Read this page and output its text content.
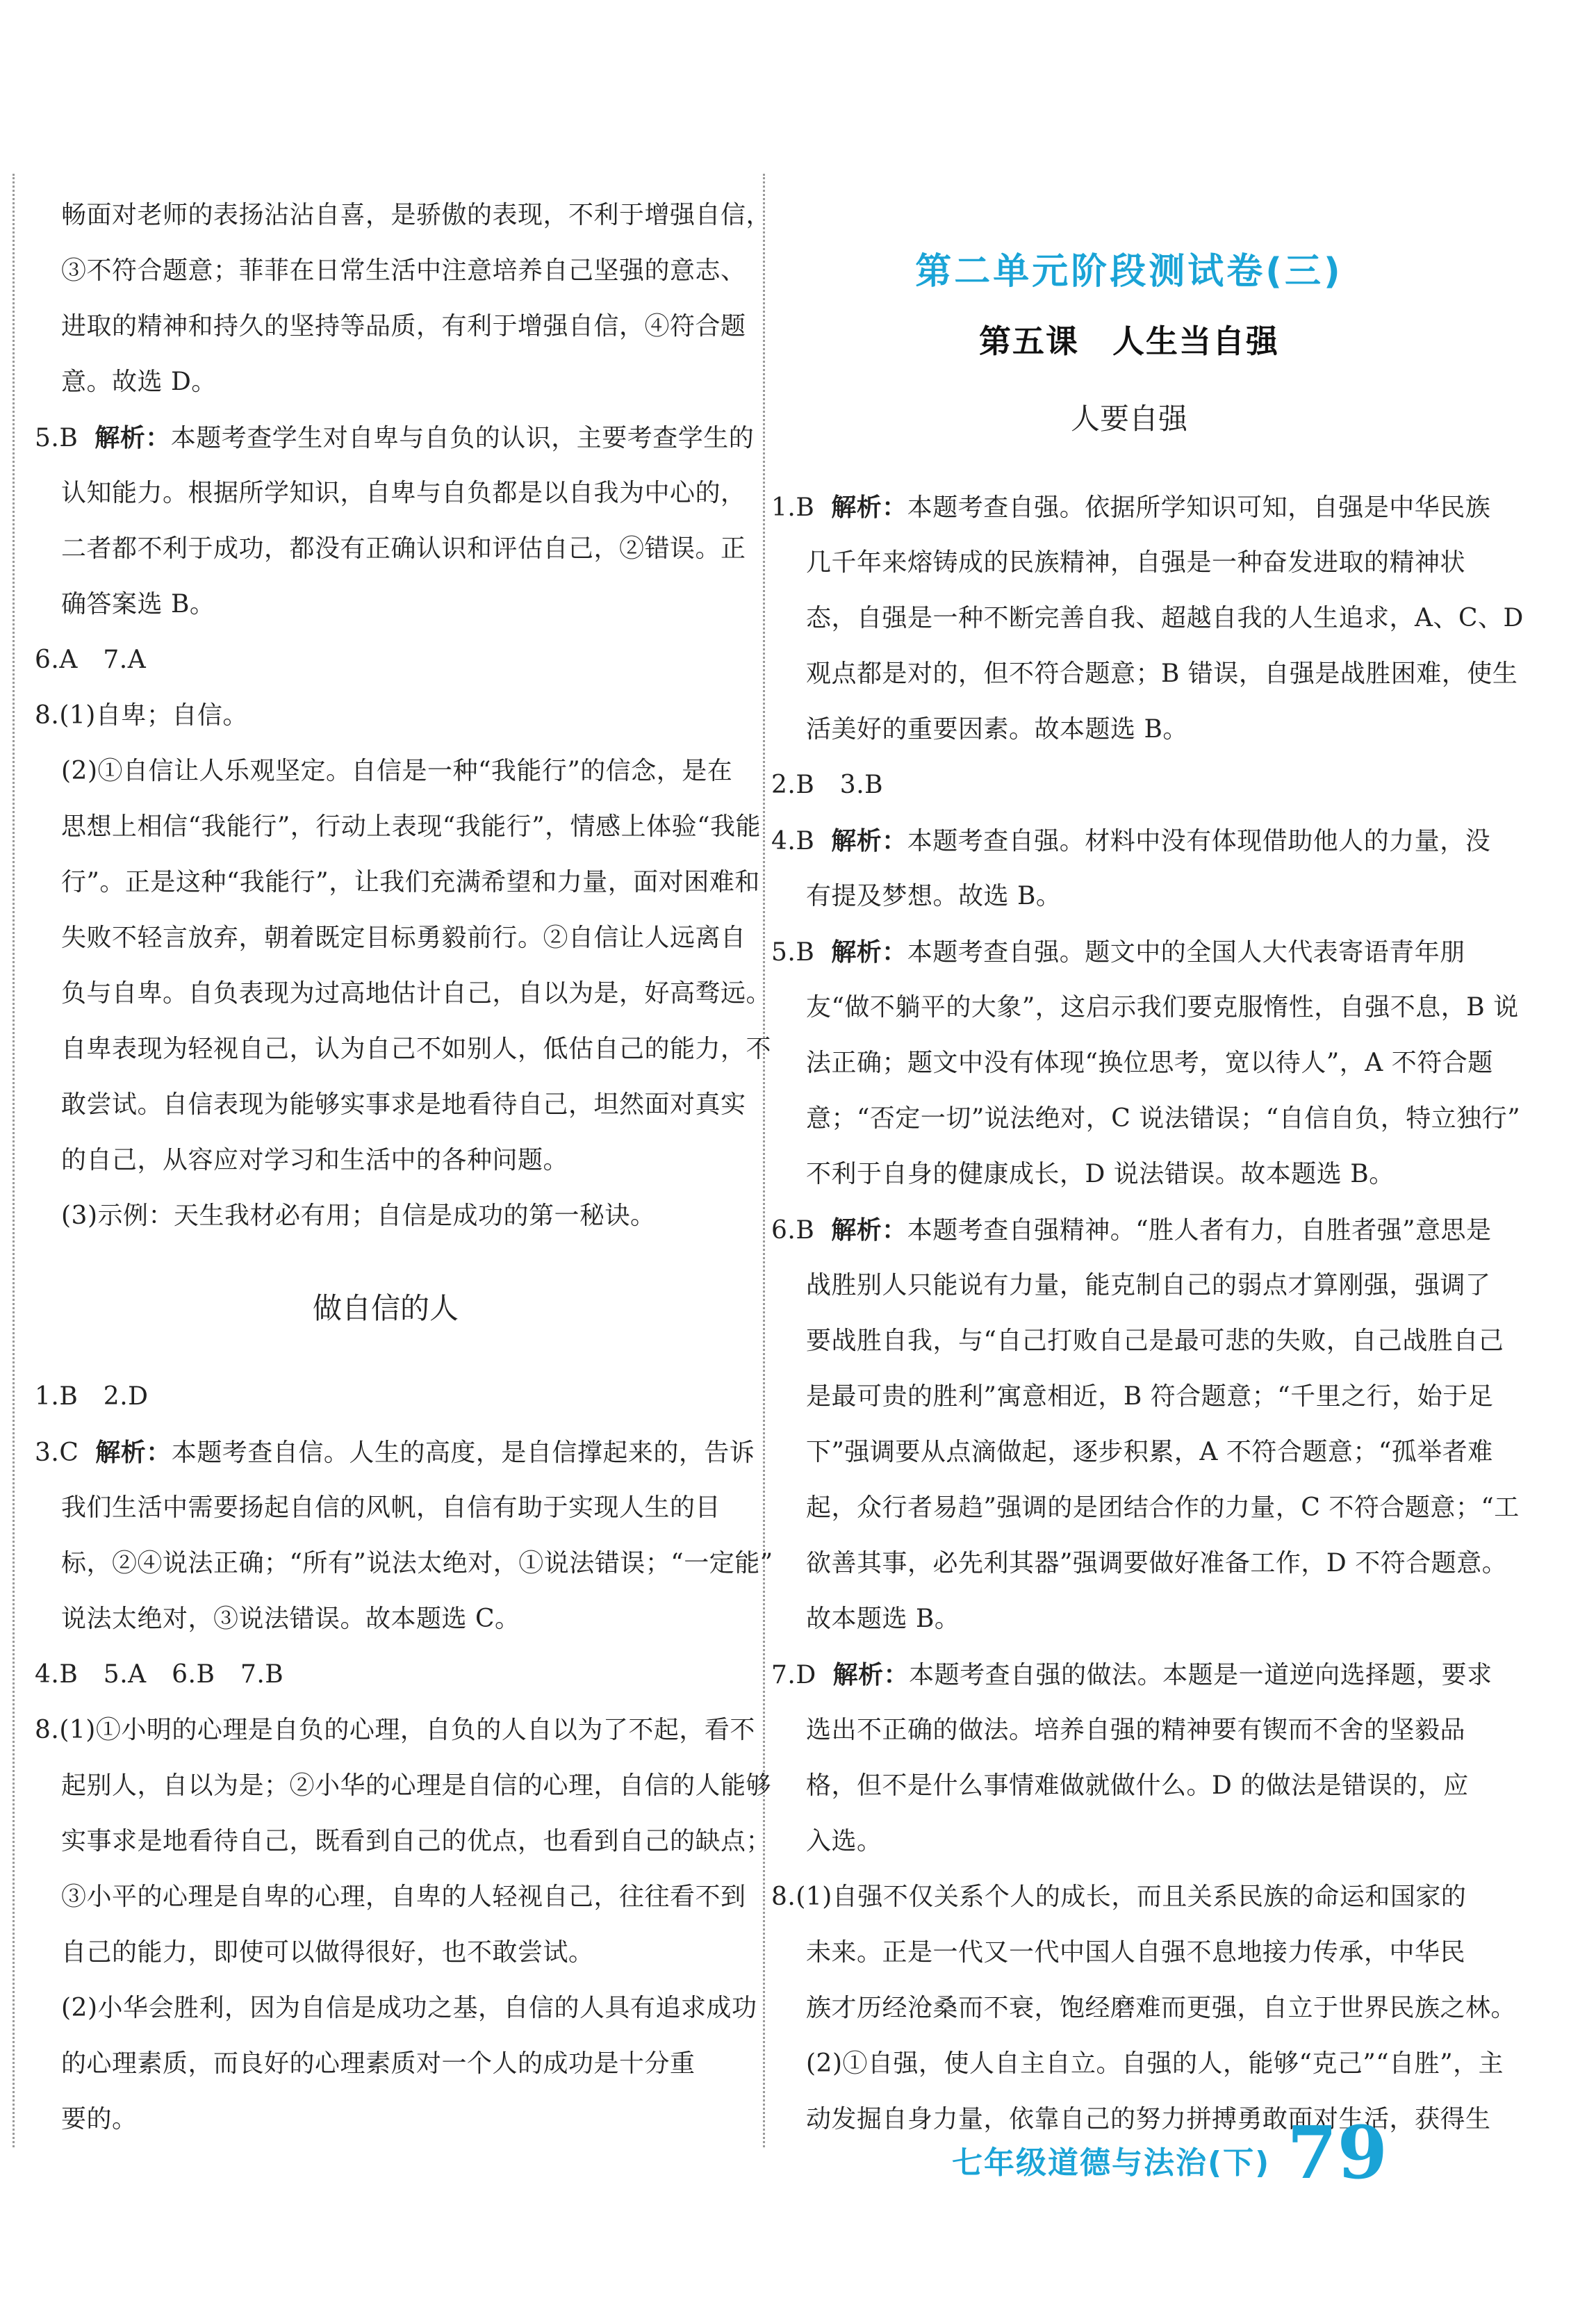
畅面对老师的表扬沾沾自喜，是骄傲的表现，不利于增强自信，
③不符合题意；菲菲在日常生活中注意培养自己坚强的意志、
进取的精神和持久的坚持等品质，有利于增强自信，④符合题
意。故选 D。
5.B 解析：本题考查学生对自卑与自负的认识，主要考查学生的
认知能力。根据所学知识，自卑与自负都是以自我为中心的，
二者都不利于成功，都没有正确认识和评估自己，②错误。正
确答案选 B。
6.A　7.A
8.(1)自卑；自信。
(2)①自信让人乐观坚定。自信是一种“我能行”的信念，是在
思想上相信“我能行”，行动上表现“我能行”，情感上体验“我能
行”。正是这种“我能行”，让我们充满希望和力量，面对困难和
失败不轻言放弃，朝着既定目标勇毅前行。②自信让人远离自
负与自卑。自负表现为过高地估计自己，自以为是，好高骛远。
自卑表现为轻视自己，认为自己不如别人，低估自己的能力，不
敢尝试。自信表现为能够实事求是地看待自己，坦然面对真实
的自己，从容应对学习和生活中的各种问题。
(3)示例：天生我材必有用；自信是成功的第一秘诀。
做自信的人
1.B　2.D
3.C 解析：本题考查自信。人生的高度，是自信撑起来的，告诉
我们生活中需要扬起自信的风帆，自信有助于实现人生的目
标，②④说法正确；“所有”说法太绝对，①说法错误；“一定能”
说法太绝对，③说法错误。故本题选 C。
4.B　5.A　6.B　7.B
8.(1)①小明的心理是自负的心理，自负的人自以为了不起，看不
起别人，自以为是；②小华的心理是自信的心理，自信的人能够
实事求是地看待自己，既看到自己的优点，也看到自己的缺点；
③小平的心理是自卑的心理，自卑的人轻视自己，往往看不到
自己的能力，即使可以做得很好，也不敢尝试。
(2)小华会胜利，因为自信是成功之基，自信的人具有追求成功
的心理素质，而良好的心理素质对一个人的成功是十分重
要的。
第二单元阶段测试卷(三)
第五课　人生当自强
人要自强
1.B 解析：本题考查自强。依据所学知识可知，自强是中华民族
几千年来熔铸成的民族精神，自强是一种奋发进取的精神状
态，自强是一种不断完善自我、超越自我的人生追求，A、C、D
观点都是对的，但不符合题意；B 错误，自强是战胜困难，使生
活美好的重要因素。故本题选 B。
2.B　3.B
4.B 解析：本题考查自强。材料中没有体现借助他人的力量，没
有提及梦想。故选 B。
5.B 解析：本题考查自强。题文中的全国人大代表寄语青年朋
友“做不躺平的大象”，这启示我们要克服惰性，自强不息，B 说
法正确；题文中没有体现“换位思考，宽以待人”，A 不符合题
意；“否定一切”说法绝对，C 说法错误；“自信自负，特立独行”
不利于自身的健康成长，D 说法错误。故本题选 B。
6.B 解析：本题考查自强精神。“胜人者有力，自胜者强”意思是
战胜别人只能说有力量，能克制自己的弱点才算刚强，强调了
要战胜自我，与“自己打败自己是最可悲的失败，自己战胜自己
是最可贵的胜利”寓意相近，B 符合题意；“千里之行，始于足
下”强调要从点滴做起，逐步积累，A 不符合题意；“孤举者难
起，众行者易趋”强调的是团结合作的力量，C 不符合题意；“工
欲善其事，必先利其器”强调要做好准备工作，D 不符合题意。
故本题选 B。
7.D 解析：本题考查自强的做法。本题是一道逆向选择题，要求
选出不正确的做法。培养自强的精神要有锲而不舍的坚毅品
格，但不是什么事情难做就做什么。D 的做法是错误的，应
入选。
8.(1)自强不仅关系个人的成长，而且关系民族的命运和国家的
未来。正是一代又一代中国人自强不息地接力传承，中华民
族才历经沧桑而不衰，饱经磨难而更强，自立于世界民族之林。
(2)①自强，使人自主自立。自强的人，能够“克己”“自胜”，主
动发掘自身力量，依靠自己的努力拼搏勇敢面对生活，获得生
七年级道德与法治(下) 79
